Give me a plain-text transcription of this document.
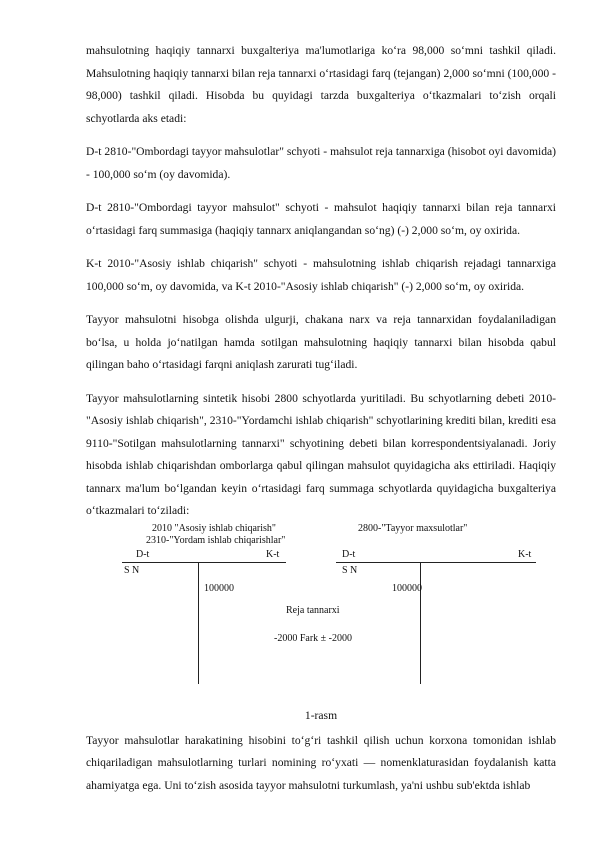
mahsulotning haqiqiy tannarxi buxgalteriya ma'lumotlariga ko‘ra 98,000 so‘mni tashkil qiladi. Mahsulotning haqiqiy tannarxi bilan reja tannarxi o‘rtasidagi farq (tejangan) 2,000 so‘mni (100,000 - 98,000) tashkil qiladi. Hisobda bu quyidagi tarzda buxgalteriya o‘tkazmalari to‘zish orqali schyotlarda aks etadi:

D-t 2810-"Ombordagi tayyor mahsulotlar" schyoti - mahsulot reja tannarxiga (hisobot oyi davomida) - 100,000 so‘m (oy davomida).

D-t 2810-"Ombordagi tayyor mahsulot" schyoti - mahsulot haqiqiy tannarxi bilan reja tannarxi o‘rtasidagi farq summasiga (haqiqiy tannarx aniqlangandan so‘ng) (-) 2,000 so‘m, oy oxirida.

K-t 2010-"Asosiy ishlab chiqarish" schyoti - mahsulotning ishlab chiqarish rejadagi tannarxiga 100,000 so‘m, oy davomida, va K-t 2010-"Asosiy ishlab chiqarish" (-) 2,000 so‘m, oy oxirida.

Tayyor mahsulotni hisobga olishda ulgurji, chakana narx va reja tannarxidan foydalaniladigan bo‘lsa, u holda jo‘natilgan hamda sotilgan mahsulotning haqiqiy tannarxi bilan hisobda qabul qilingan baho o‘rtasidagi farqni aniqlash zarurati tug‘iladi.

Tayyor mahsulotlarning sintetik hisobi 2800 schyotlarda yuritiladi. Bu schyotlarning debeti 2010-"Asosiy ishlab chiqarish", 2310-"Yordamchi ishlab chiqarish" schyotlarining krediti bilan, krediti esa 9110-"Sotilgan mahsulotlarning tannarxi" schyotining debeti bilan korrespondentsiyalanadi. Joriy hisobda ishlab chiqarishdan omborlarga qabul qilingan mahsulot quyidagicha aks ettiriladi. Haqiqiy tannarx ma'lum bo‘lgandan keyin o‘rtasidagi farq summaga schyotlarda quyidagicha buxgalteriya o‘tkazmalari to‘ziladi:

2010 "Asosiy ishlab chiqarish"
2310-"Yordam ishlab chiqarishlar"
2800-"Tayyor maxsulotlar"
D-t	K-t
S N
100000
D-t	K-t
S N
100000
Reja tannarxi
-2000 Fark ± -2000
1-rasm

Tayyor mahsulotlar harakatining hisobini to‘g‘ri tashkil qilish uchun korxona tomonidan ishlab chiqariladigan mahsulotlarning turlari nomining ro‘yxati — nomenklaturasidan foydalanish katta ahamiyatga ega. Uni to‘zish asosida tayyor mahsulotni turkumlash, ya'ni ushbu sub'ektda ishlab
